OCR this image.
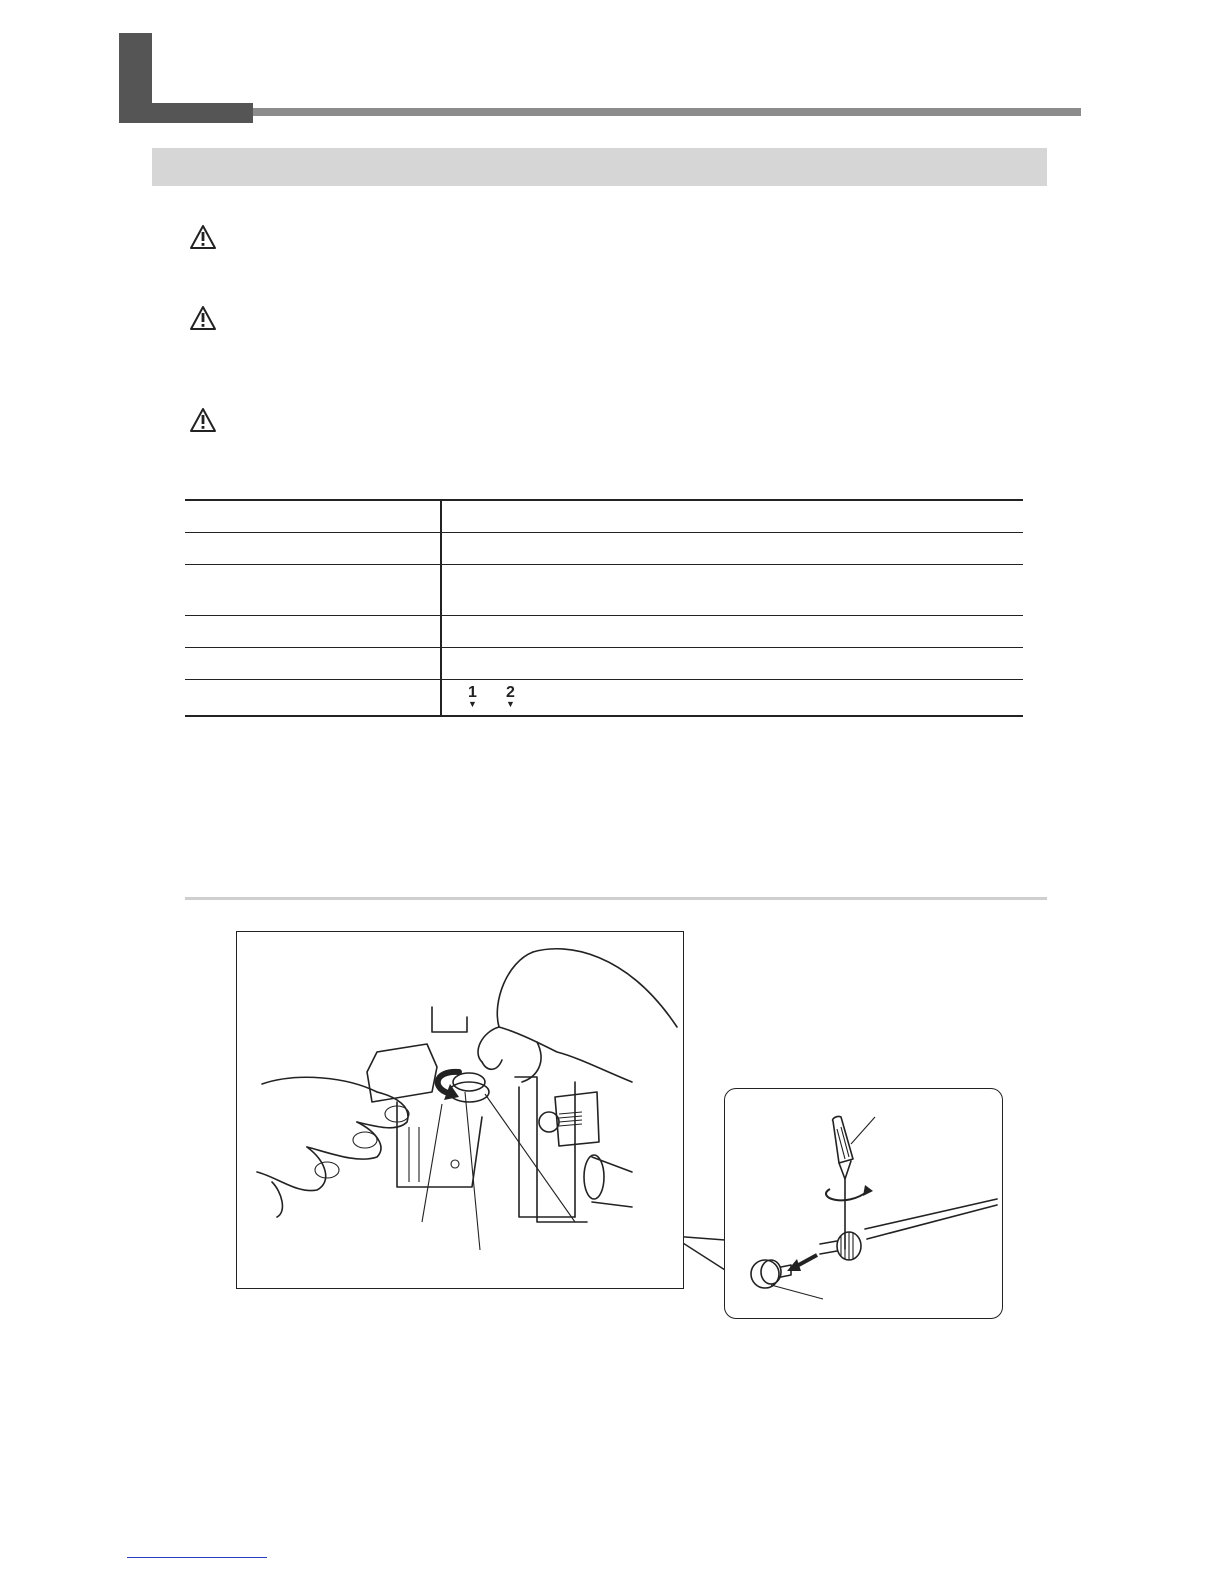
	1
▼
2
▼
